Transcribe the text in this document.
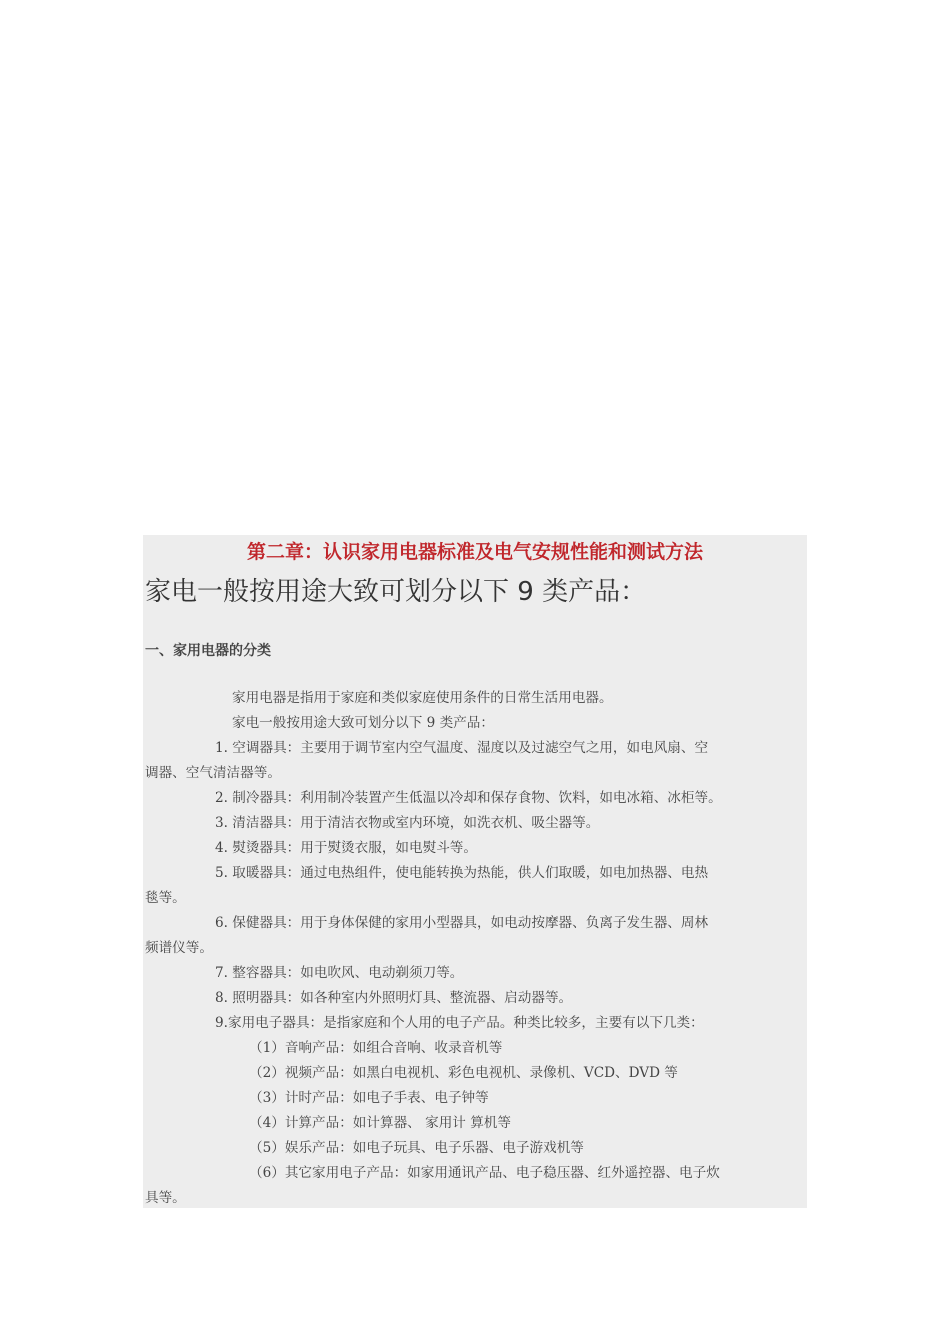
第二章：认识家用电器标准及电气安规性能和测试方法
家电一般按用途大致可划分以下 9 类产品：
一、家用电器的分类
家用电器是指用于家庭和类似家庭使用条件的日常生活用电器。
家电一般按用途大致可划分以下 9 类产品：
1. 空调器具：主要用于调节室内空气温度、湿度以及过滤空气之用，如电风扇、空
调器、空气清洁器等。
2. 制冷器具：利用制冷装置产生低温以冷却和保存食物、饮料，如电冰箱、冰柜等。
3. 清洁器具：用于清洁衣物或室内环境，如洗衣机、吸尘器等。
4. 熨烫器具：用于熨烫衣服，如电熨斗等。
5. 取暖器具：通过电热组件，使电能转换为热能，供人们取暖，如电加热器、电热
毯等。
6. 保健器具：用于身体保健的家用小型器具，如电动按摩器、负离子发生器、周林
频谱仪等。
7. 整容器具：如电吹风、电动剃须刀等。
8. 照明器具：如各种室内外照明灯具、整流器、启动器等。
9.家用电子器具：是指家庭和个人用的电子产品。种类比较多，主要有以下几类：
（1）音响产品：如组合音响、收录音机等
（2）视频产品：如黑白电视机、彩色电视机、录像机、VCD、DVD 等
（3）计时产品：如电子手表、电子钟等
（4）计算产品：如计算器、 家用计 算机等
（5）娱乐产品：如电子玩具、电子乐器、电子游戏机等
（6）其它家用电子产品：如家用通讯产品、电子稳压器、红外遥控器、电子炊
具等。
